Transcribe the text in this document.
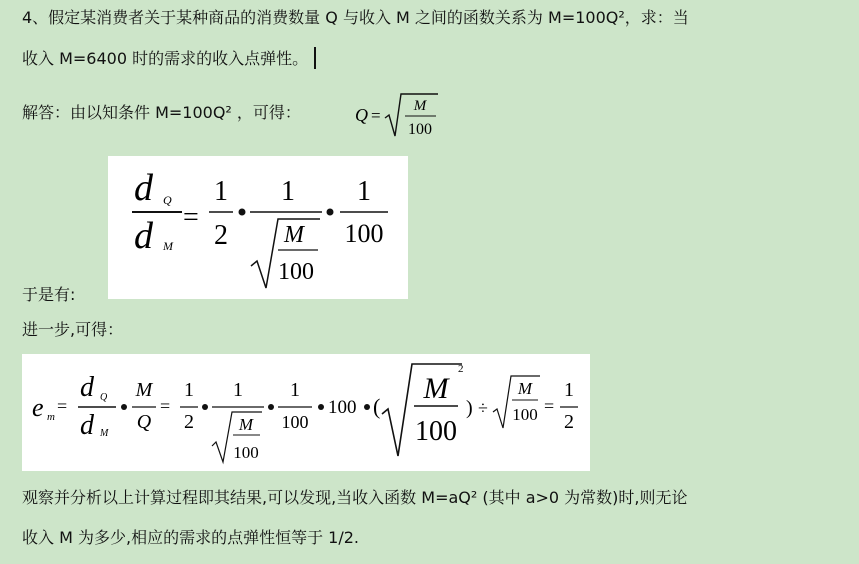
4、假定某消费者关于某种商品的消费数量 Q 与收入 M 之间的函数关系为 M=100Q²，求：当
收入 M=6400 时的需求的收入点弹性。
解答：由以知条件 M=100Q² ，可得：	Q = M
100
d Q
d M
=
1
2
1
M
100
1
100
于是有:
进一步,可得：
e m
=
d Q
d M
M
Q
=
1
2
1
M
100
1
100
100 (
M
100
2
) ÷
M
100 =
1
2
观察并分析以上计算过程即其结果,可以发现,当收入函数 M=aQ² (其中 a>0 为常数)时,则无论
收入 M 为多少,相应的需求的点弹性恒等于 1/2.
